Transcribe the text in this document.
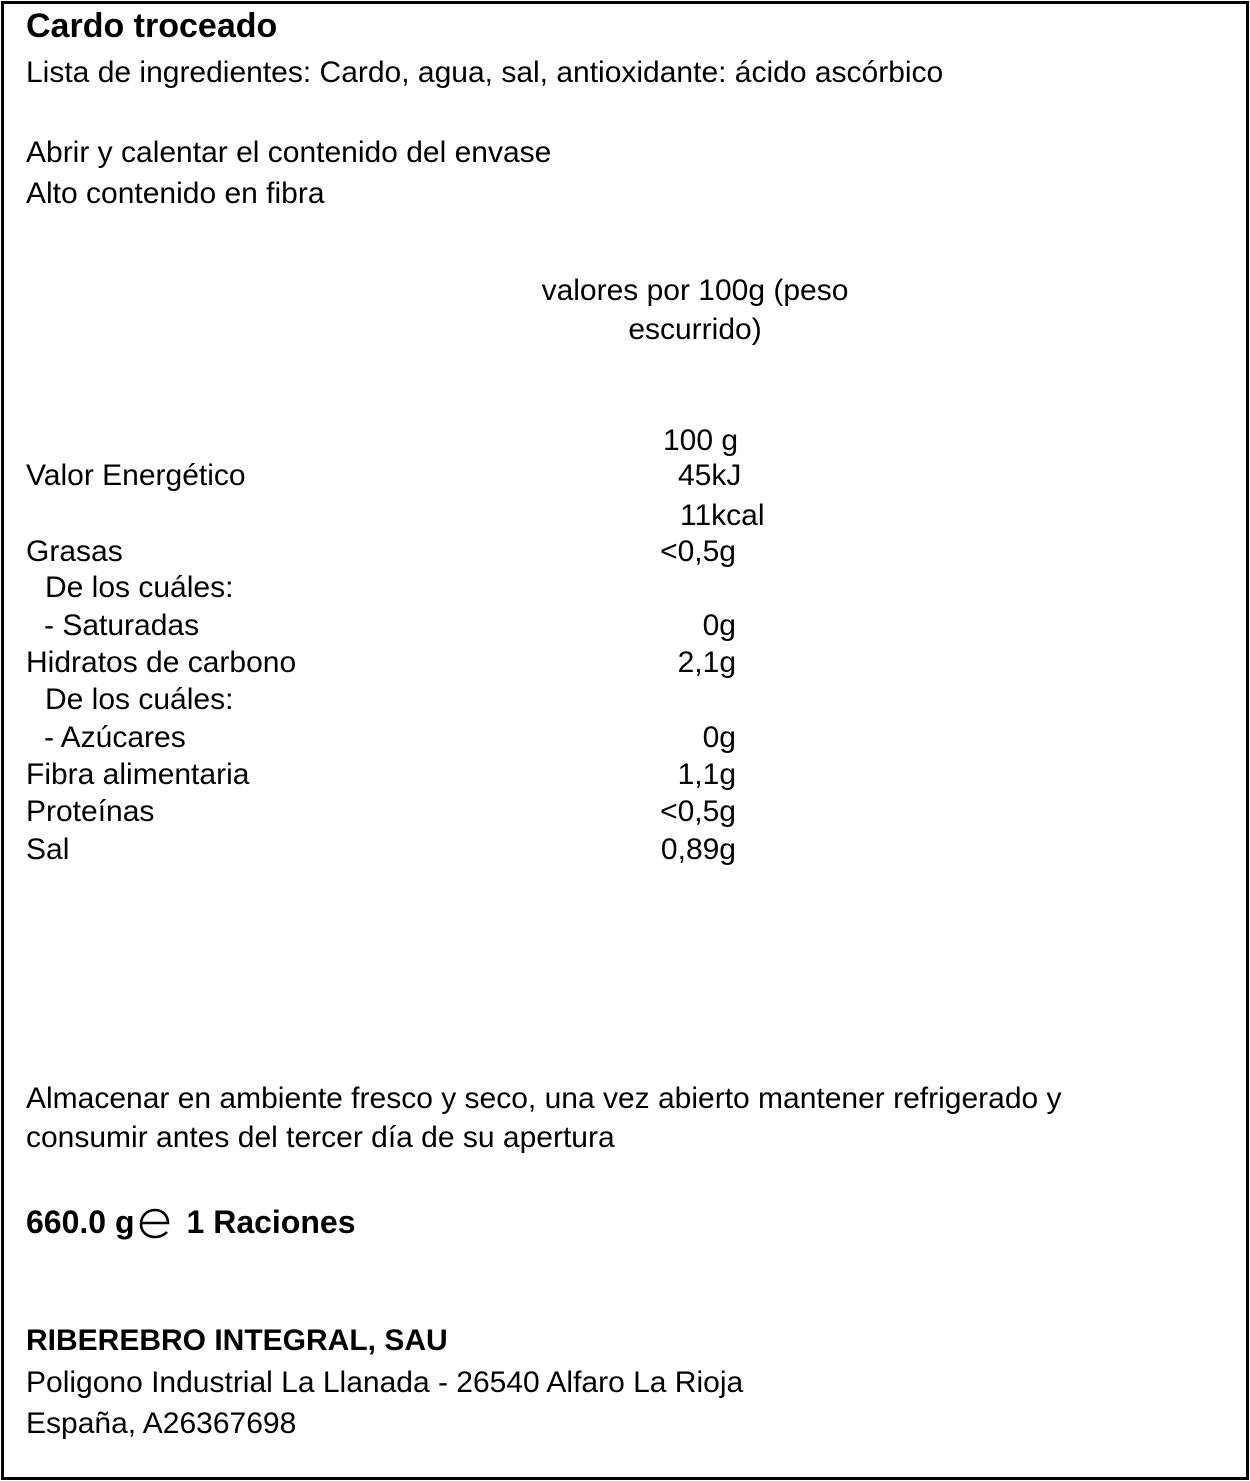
Cardo troceado
Lista de ingredientes: Cardo, agua, sal, antioxidante: ácido ascórbico
Abrir y calentar el contenido del envase
Alto contenido en fibra
valores por 100g (peso
escurrido)
100 g
Valor Energético	45kJ
11kcal
Grasas	<0,5g
De los cuáles:
- Saturadas	0g
Hidratos de carbono	2,1g
De los cuáles:
- Azúcares	0g
Fibra alimentaria	1,1g
Proteínas	<0,5g
Sal	0,89g
Almacenar en ambiente fresco y seco, una vez abierto mantener refrigerado y
consumir antes del tercer día de su apertura
660.0 g 1 Raciones
RIBEREBRO INTEGRAL, SAU
Poligono Industrial La Llanada - 26540 Alfaro La Rioja
España, A26367698
